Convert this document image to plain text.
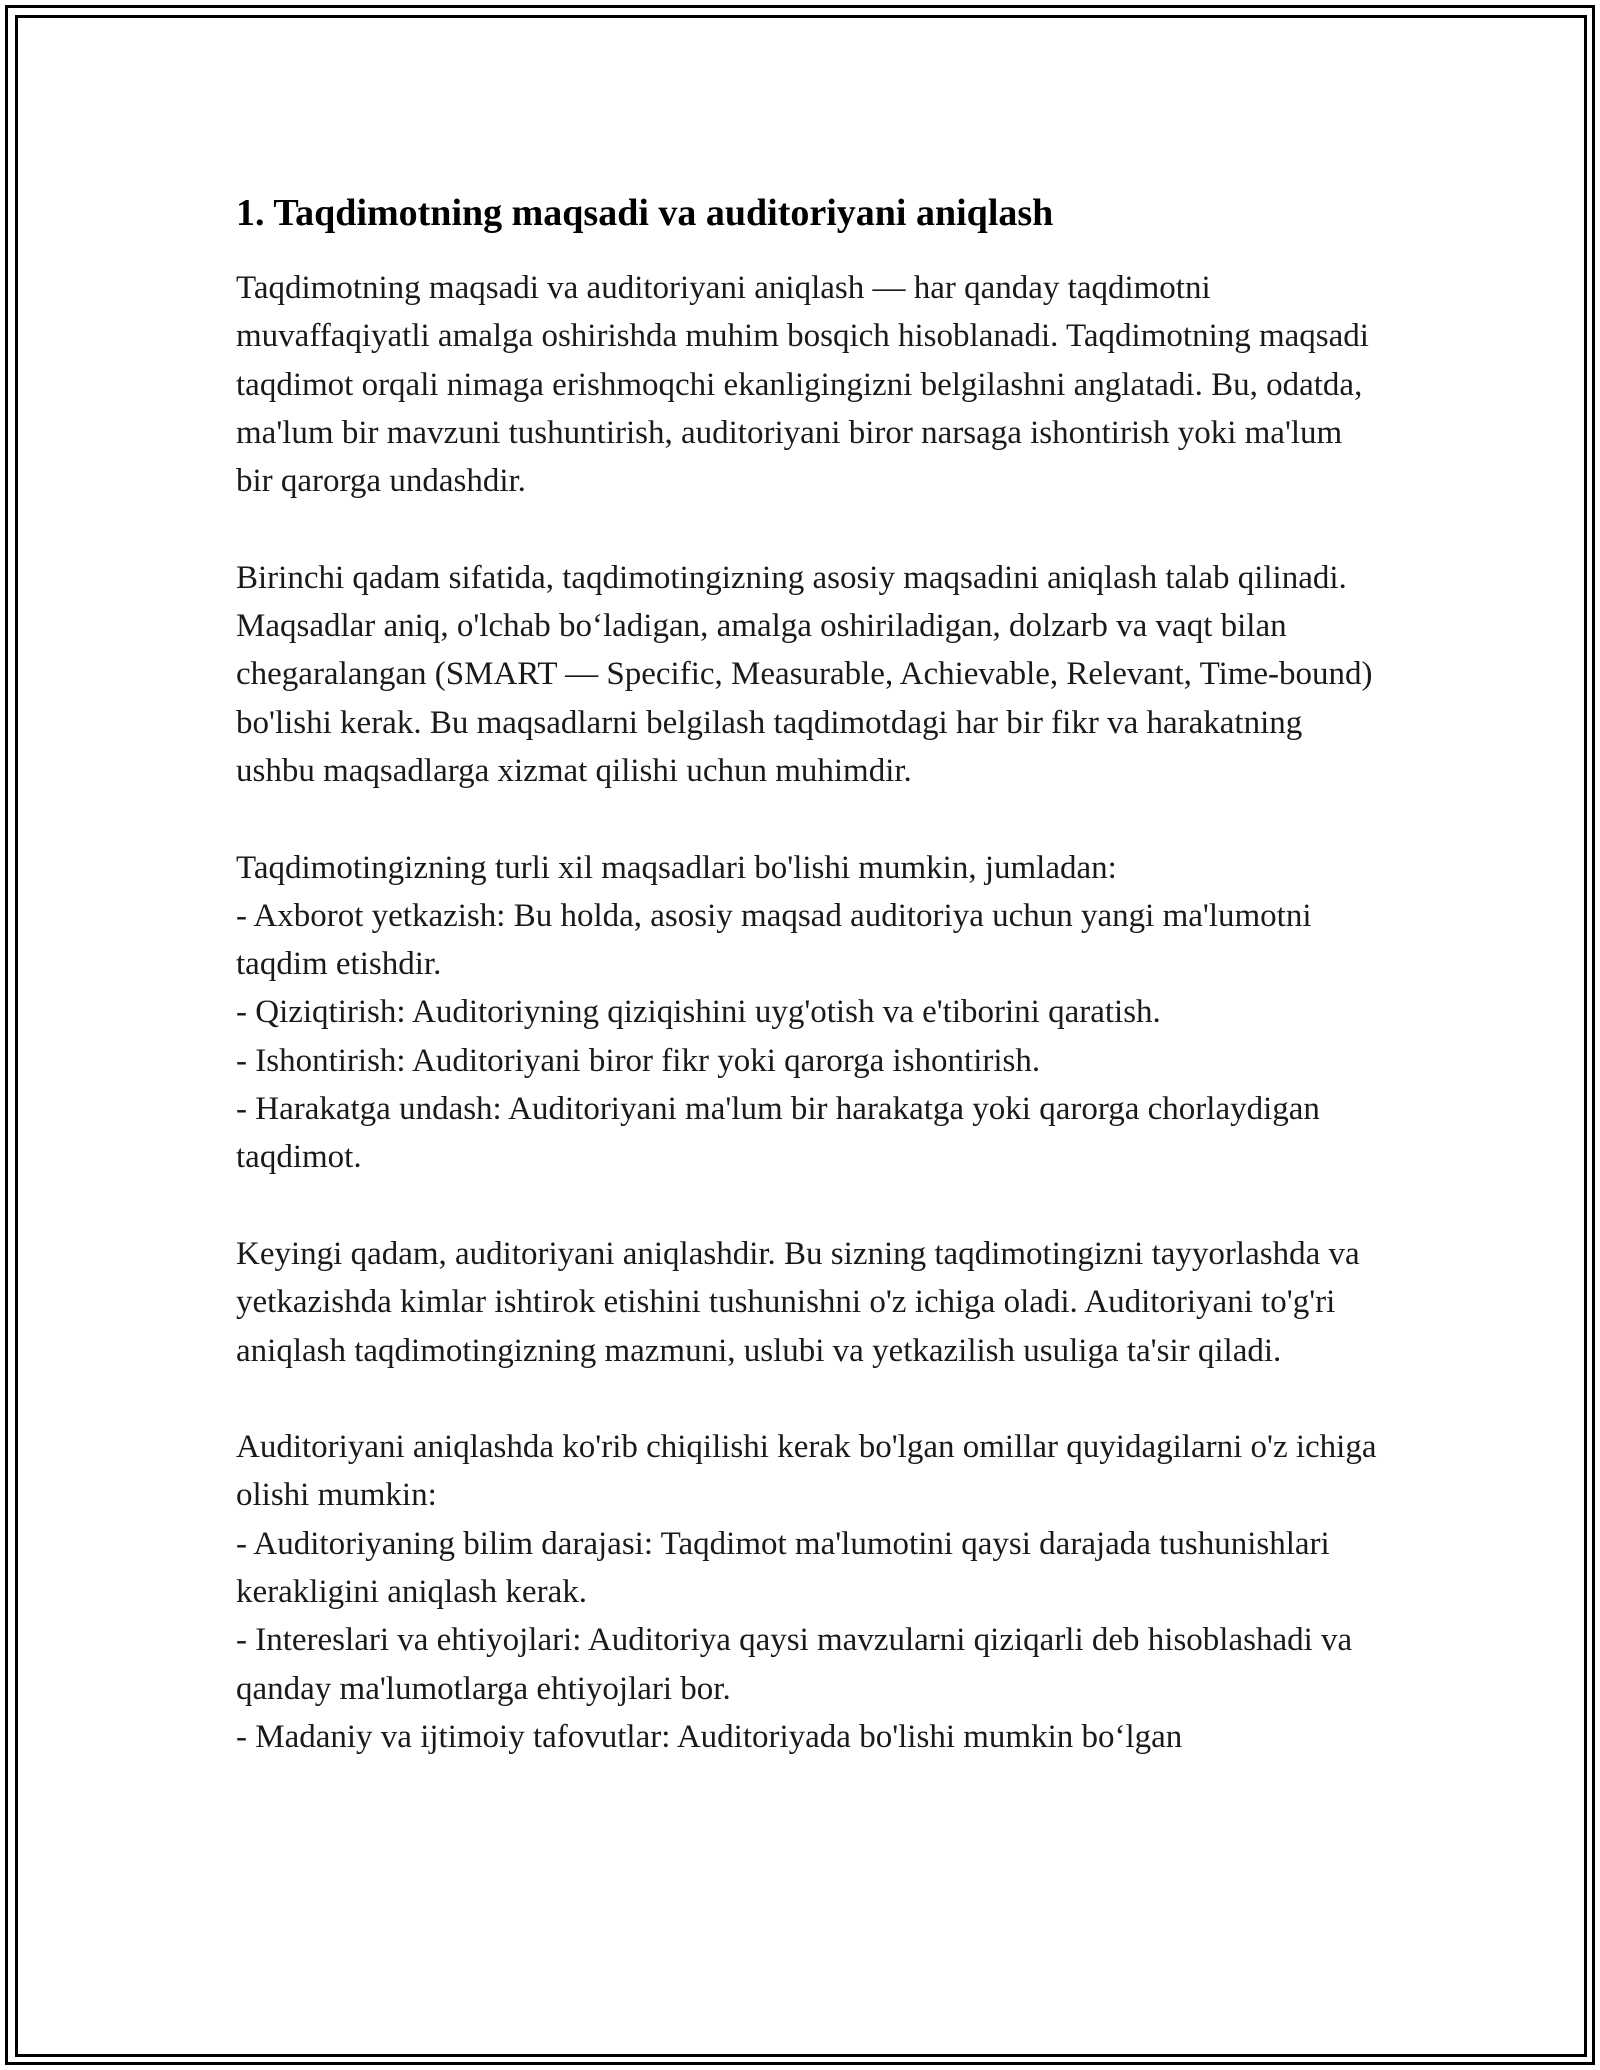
1. Taqdimotning maqsadi va auditoriyani aniqlash

Taqdimotning maqsadi va auditoriyani aniqlash — har qanday taqdimotni muvaffaqiyatli amalga oshirishda muhim bosqich hisoblanadi. Taqdimotning maqsadi taqdimot orqali nimaga erishmoqchi ekanligingizni belgilashni anglatadi. Bu, odatda, ma'lum bir mavzuni tushuntirish, auditoriyani biror narsaga ishontirish yoki ma'lum bir qarorga undashdir.

Birinchi qadam sifatida, taqdimotingizning asosiy maqsadini aniqlash talab qilinadi. Maqsadlar aniq, o'lchab bo‘ladigan, amalga oshiriladigan, dolzarb va vaqt bilan chegaralangan (SMART — Specific, Measurable, Achievable, Relevant, Time-bound) bo'lishi kerak. Bu maqsadlarni belgilash taqdimotdagi har bir fikr va harakatning ushbu maqsadlarga xizmat qilishi uchun muhimdir.

Taqdimotingizning turli xil maqsadlari bo'lishi mumkin, jumladan:

- Axborot yetkazish: Bu holda, asosiy maqsad auditoriya uchun yangi ma'lumotni taqdim etishdir.
- Qiziqtirish: Auditoriyning qiziqishini uyg'otish va e'tiborini qaratish.
- Ishontirish: Auditoriyani biror fikr yoki qarorga ishontirish.
- Harakatga undash: Auditoriyani ma'lum bir harakatga yoki qarorga chorlaydigan taqdimot.

Keyingi qadam, auditoriyani aniqlashdir. Bu sizning taqdimotingizni tayyorlashda va yetkazishda kimlar ishtirok etishini tushunishni o'z ichiga oladi. Auditoriyani to'g'ri aniqlash taqdimotingizning mazmuni, uslubi va yetkazilish usuliga ta'sir qiladi.

Auditoriyani aniqlashda ko'rib chiqilishi kerak bo'lgan omillar quyidagilarni o'z ichiga olishi mumkin:

- Auditoriyaning bilim darajasi: Taqdimot ma'lumotini qaysi darajada tushunishlari kerakligini aniqlash kerak.
- Intereslari va ehtiyojlari: Auditoriya qaysi mavzularni qiziqarli deb hisoblashadi va qanday ma'lumotlarga ehtiyojlari bor.
- Madaniy va ijtimoiy tafovutlar: Auditoriyada bo'lishi mumkin bo‘lgan
